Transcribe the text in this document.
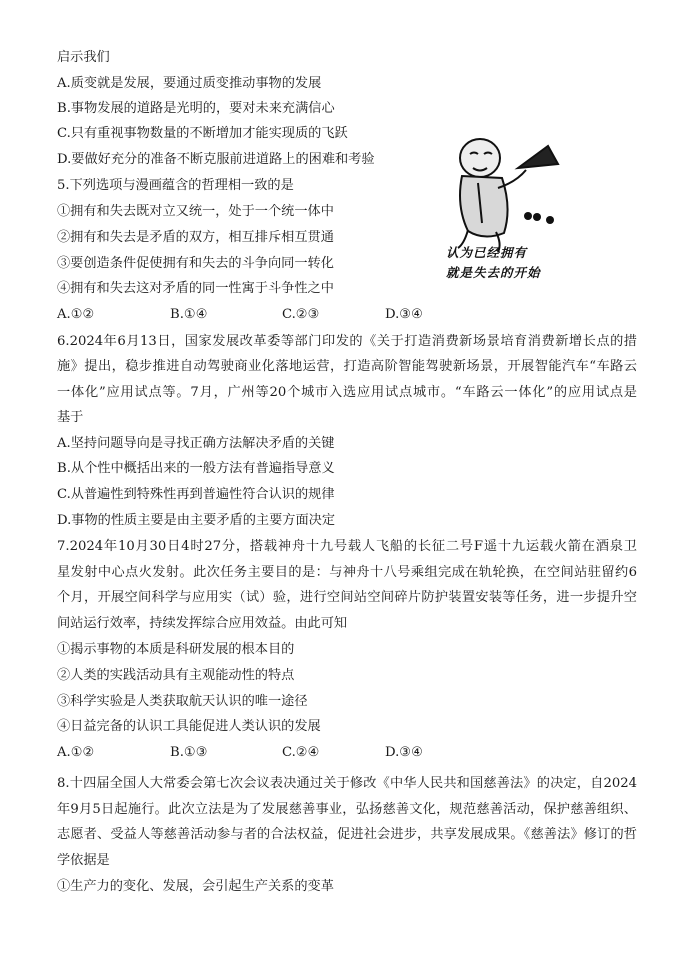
启示我们
A.质变就是发展，要通过质变推动事物的发展
B.事物发展的道路是光明的，要对未来充满信心
C.只有重视事物数量的不断增加才能实现质的飞跃
D.要做好充分的准备不断克服前进道路上的困难和考验
5.下列选项与漫画蕴含的哲理相一致的是
①拥有和失去既对立又统一，处于一个统一体中
②拥有和失去是矛盾的双方，相互排斥相互贯通
③要创造条件促使拥有和失去的斗争向同一转化
④拥有和失去这对矛盾的同一性寓于斗争性之中
A.①②	B.①④	C.②③	D.③④
认为已经拥有
就是失去的开始
6.2024年6月13日，国家发展改革委等部门印发的《关于打造消费新场景培育消费新增长点的措
施》提出，稳步推进自动驾驶商业化落地运营，打造高阶智能驾驶新场景，开展智能汽车“车路云
一体化”应用试点等。7月，广州等20个城市入选应用试点城市。“车路云一体化”的应用试点是
基于
A.坚持问题导向是寻找正确方法解决矛盾的关键
B.从个性中概括出来的一般方法有普遍指导意义
C.从普遍性到特殊性再到普遍性符合认识的规律
D.事物的性质主要是由主要矛盾的主要方面决定
7.2024年10月30日4时27分，搭载神舟十九号载人飞船的长征二号F遥十九运载火箭在酒泉卫
星发射中心点火发射。此次任务主要目的是：与神舟十八号乘组完成在轨轮换，在空间站驻留约6
个月，开展空间科学与应用实（试）验，进行空间站空间碎片防护装置安装等任务，进一步提升空
间站运行效率，持续发挥综合应用效益。由此可知
①揭示事物的本质是科研发展的根本目的
②人类的实践活动具有主观能动性的特点
③科学实验是人类获取航天认识的唯一途径
④日益完备的认识工具能促进人类认识的发展
A.①②	B.①③	C.②④	D.③④
8.十四届全国人大常委会第七次会议表决通过关于修改《中华人民共和国慈善法》的决定，自2024
年9月5日起施行。此次立法是为了发展慈善事业，弘扬慈善文化，规范慈善活动，保护慈善组织、
志愿者、受益人等慈善活动参与者的合法权益，促进社会进步，共享发展成果。《慈善法》修订的哲
学依据是
①生产力的变化、发展，会引起生产关系的变革
